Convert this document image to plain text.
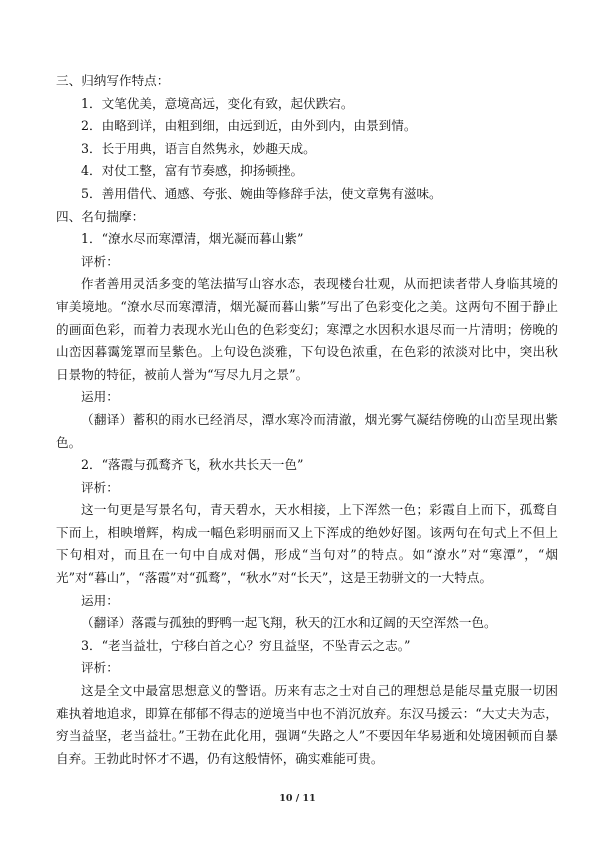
三、归纳写作特点：
1．文笔优美，意境高远，变化有致，起伏跌宕。
2．由略到详，由粗到细，由远到近，由外到内，由景到情。
3．长于用典，语言自然隽永，妙趣天成。
4．对仗工整，富有节奏感，抑扬顿挫。
5．善用借代、通感、夸张、婉曲等修辞手法，使文章隽有滋味。
四、名句揣摩：
1．“潦水尽而寒潭清，烟光凝而暮山紫”
评析：

作者善用灵活多变的笔法描写山容水态，表现楼台壮观，从而把读者带人身临其境的审美境地。“潦水尽而寒潭清，烟光凝而暮山紫”写出了色彩变化之美。这两句不囿于静止的画面色彩，而着力表现水光山色的色彩变幻；寒潭之水因积水退尽而一片清明；傍晚的山峦因暮霭笼罩而呈紫色。上句设色淡雅，下句设色浓重，在色彩的浓淡对比中，突出秋日景物的特征，被前人誉为“写尽九月之景”。

运用：

（翻译）蓄积的雨水已经消尽，潭水寒冷而清澈，烟光雾气凝结傍晚的山峦呈现出紫色。

2．“落霞与孤鹜齐飞，秋水共长天一色”
评析：

这一句更是写景名句，青天碧水，天水相接，上下浑然一色；彩霞自上而下，孤鹜自下而上，相映增辉，构成一幅色彩明丽而又上下浑成的绝妙好图。该两句在句式上不但上下句相对，而且在一句中自成对偶，形成“当句对”的特点。如“潦水”对“寒潭”，“烟光”对“暮山”，“落霞”对“孤鹜”，“秋水”对“长天”，这是王勃骈文的一大特点。

运用：

（翻译）落霞与孤独的野鸭一起飞翔，秋天的江水和辽阔的天空浑然一色。

3．“老当益壮，宁移白首之心？穷且益坚，不坠青云之志。”
评析：

这是全文中最富思想意义的警语。历来有志之士对自己的理想总是能尽量克服一切困难执着地追求，即算在郁郁不得志的逆境当中也不消沉放弃。东汉马援云：“大丈夫为志，穷当益坚，老当益壮。”王勃在此化用，强调“失路之人”不要因年华易逝和处境困顿而自暴自弃。王勃此时怀才不遇，仍有这般情怀，确实难能可贵。

10 / 11
